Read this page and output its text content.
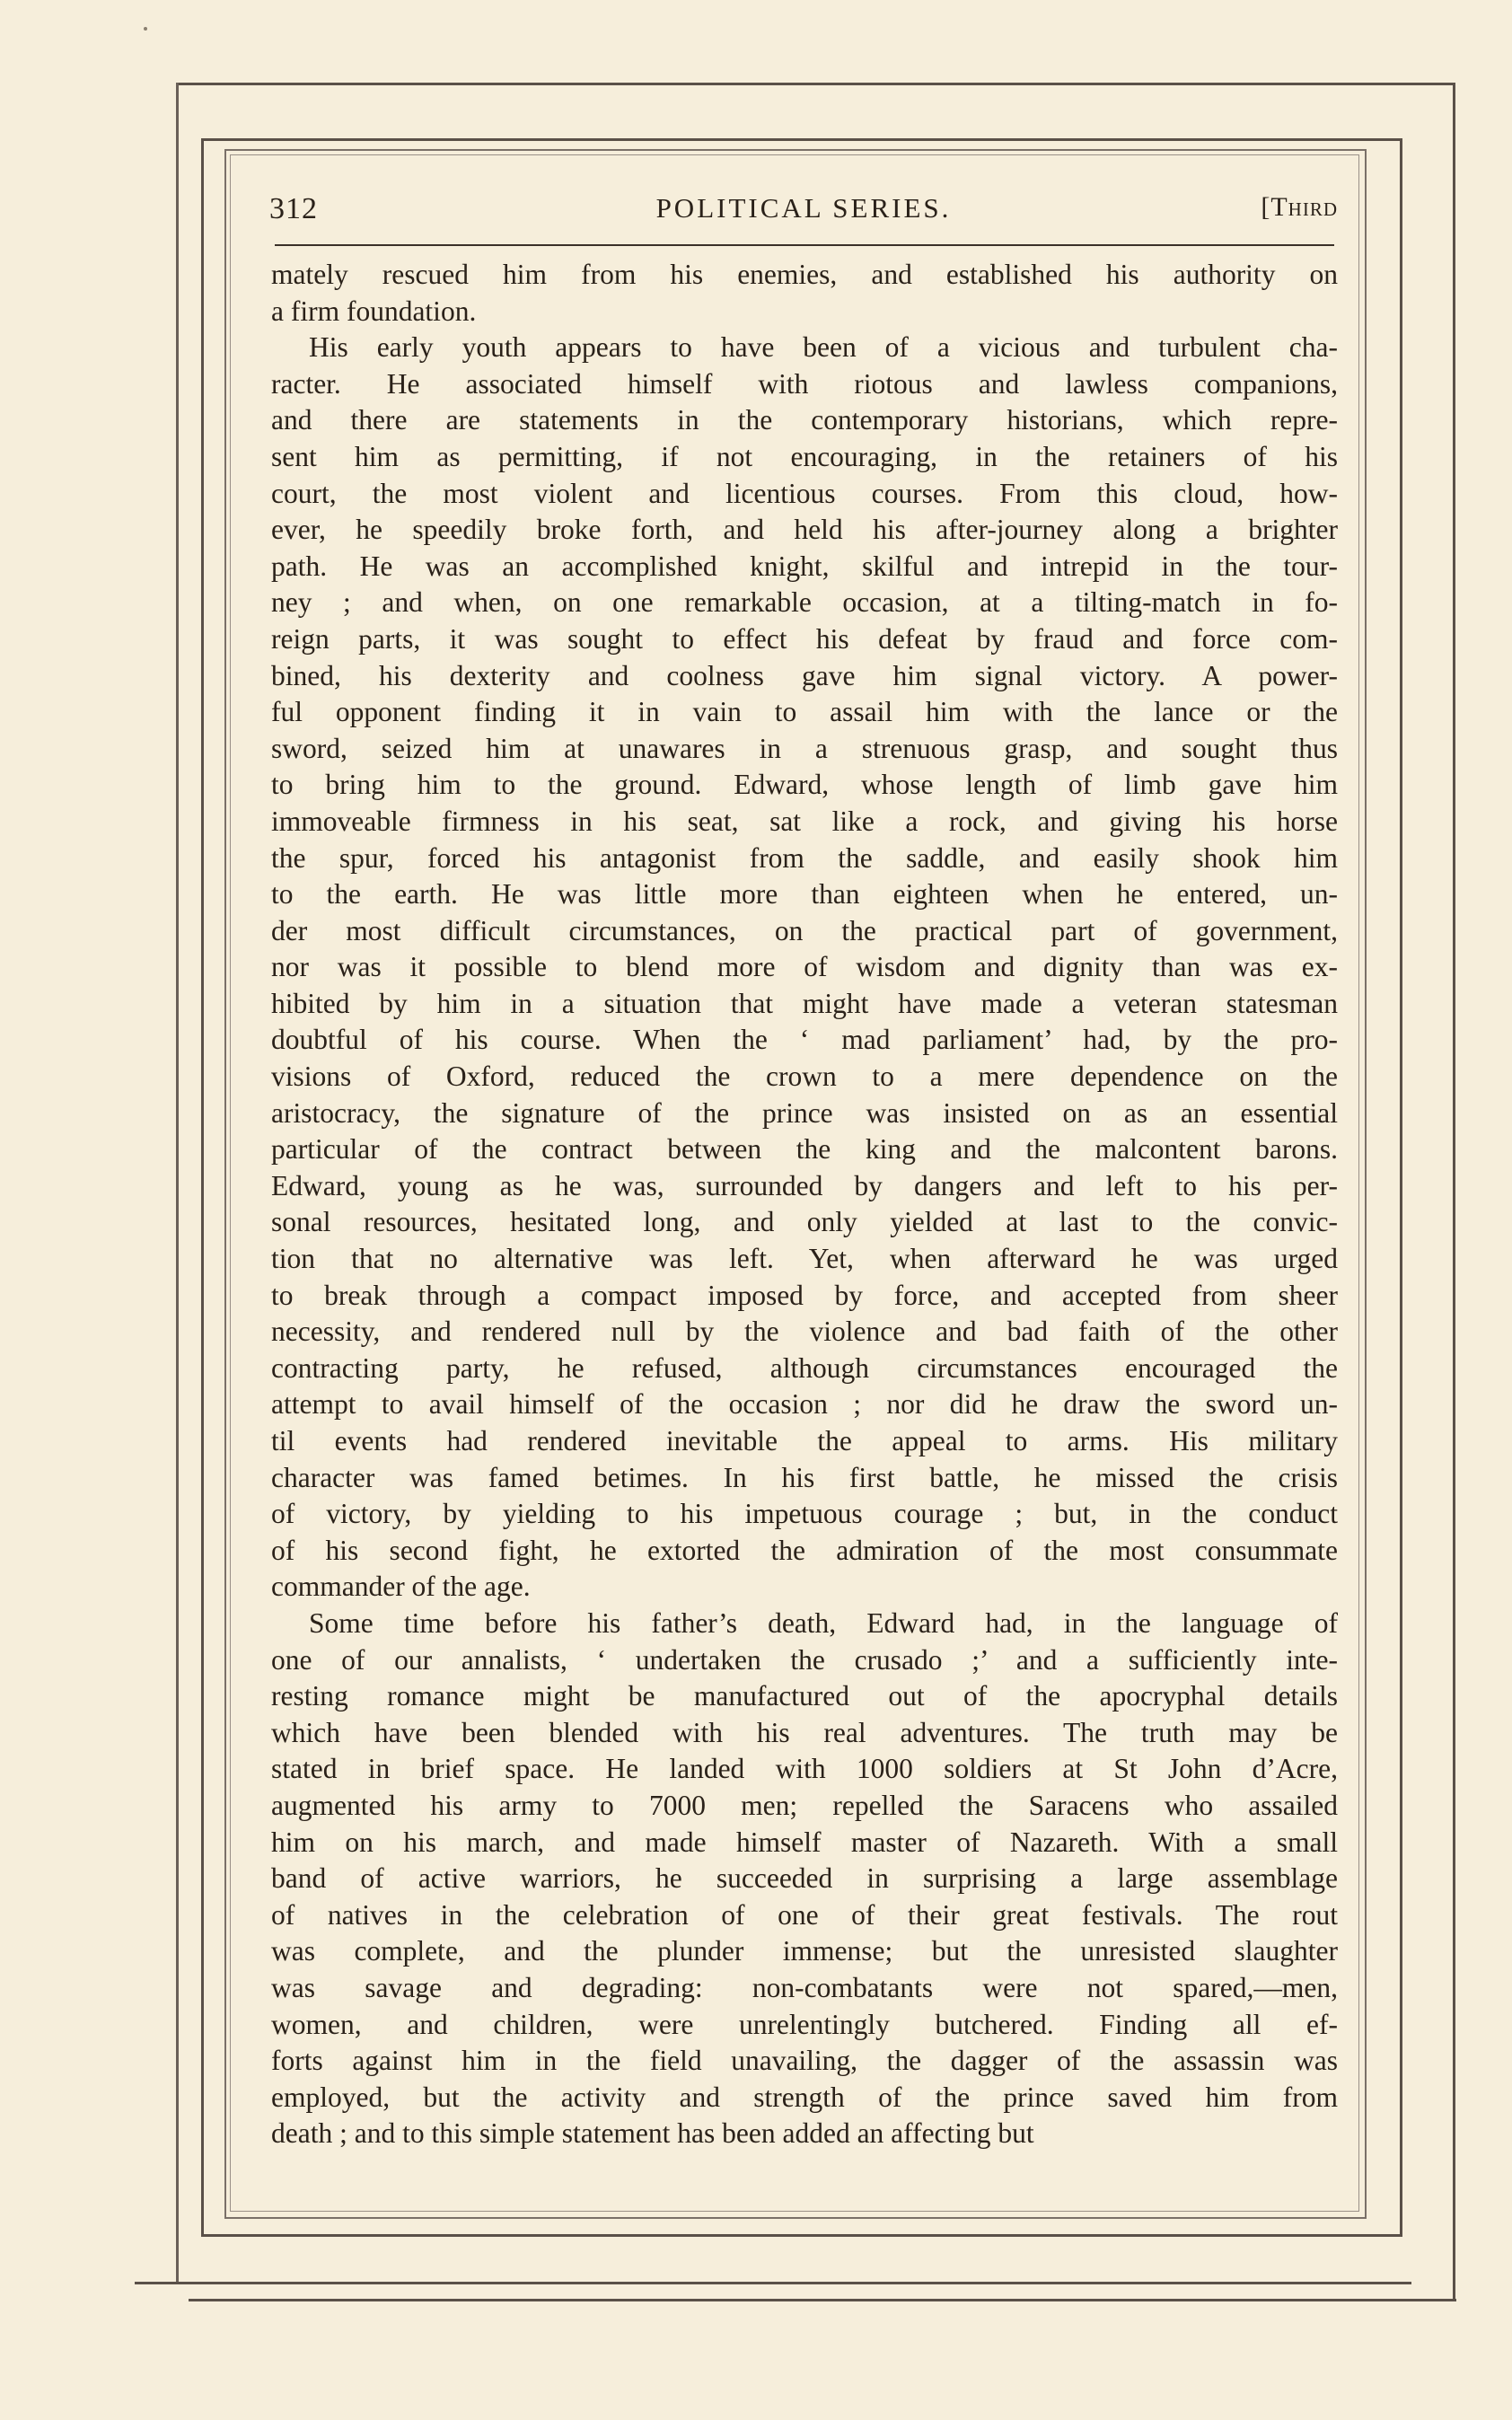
312	POLITICAL SERIES.	[Third
mately rescued him from his enemies, and established his authority on
a firm foundation.
His early youth appears to have been of a vicious and turbulent cha-
racter. He associated himself with riotous and lawless companions,
and there are statements in the contemporary historians, which repre-
sent him as permitting, if not encouraging, in the retainers of his
court, the most violent and licentious courses. From this cloud, how-
ever, he speedily broke forth, and held his after-journey along a brighter
path. He was an accomplished knight, skilful and intrepid in the tour-
ney ; and when, on one remarkable occasion, at a tilting-match in fo-
reign parts, it was sought to effect his defeat by fraud and force com-
bined, his dexterity and coolness gave him signal victory. A power-
ful opponent finding it in vain to assail him with the lance or the
sword, seized him at unawares in a strenuous grasp, and sought thus
to bring him to the ground. Edward, whose length of limb gave him
immoveable firmness in his seat, sat like a rock, and giving his horse
the spur, forced his antagonist from the saddle, and easily shook him
to the earth. He was little more than eighteen when he entered, un-
der most difficult circumstances, on the practical part of government,
nor was it possible to blend more of wisdom and dignity than was ex-
hibited by him in a situation that might have made a veteran statesman
doubtful of his course. When the ‘ mad parliament’ had, by the pro-
visions of Oxford, reduced the crown to a mere dependence on the
aristocracy, the signature of the prince was insisted on as an essential
particular of the contract between the king and the malcontent barons.
Edward, young as he was, surrounded by dangers and left to his per-
sonal resources, hesitated long, and only yielded at last to the convic-
tion that no alternative was left. Yet, when afterward he was urged
to break through a compact imposed by force, and accepted from sheer
necessity, and rendered null by the violence and bad faith of the other
contracting party, he refused, although circumstances encouraged the
attempt to avail himself of the occasion ; nor did he draw the sword un-
til events had rendered inevitable the appeal to arms. His military
character was famed betimes. In his first battle, he missed the crisis
of victory, by yielding to his impetuous courage ; but, in the conduct
of his second fight, he extorted the admiration of the most consummate
commander of the age.
Some time before his father’s death, Edward had, in the language of
one of our annalists, ‘ undertaken the crusado ;’ and a sufficiently inte-
resting romance might be manufactured out of the apocryphal details
which have been blended with his real adventures. The truth may be
stated in brief space. He landed with 1000 soldiers at St John d’Acre,
augmented his army to 7000 men; repelled the Saracens who assailed
him on his march, and made himself master of Nazareth. With a small
band of active warriors, he succeeded in surprising a large assemblage
of natives in the celebration of one of their great festivals. The rout
was complete, and the plunder immense; but the unresisted slaughter
was savage and degrading: non-combatants were not spared,—men,
women, and children, were unrelentingly butchered. Finding all ef-
forts against him in the field unavailing, the dagger of the assassin was
employed, but the activity and strength of the prince saved him from
death ; and to this simple statement has been added an affecting but
